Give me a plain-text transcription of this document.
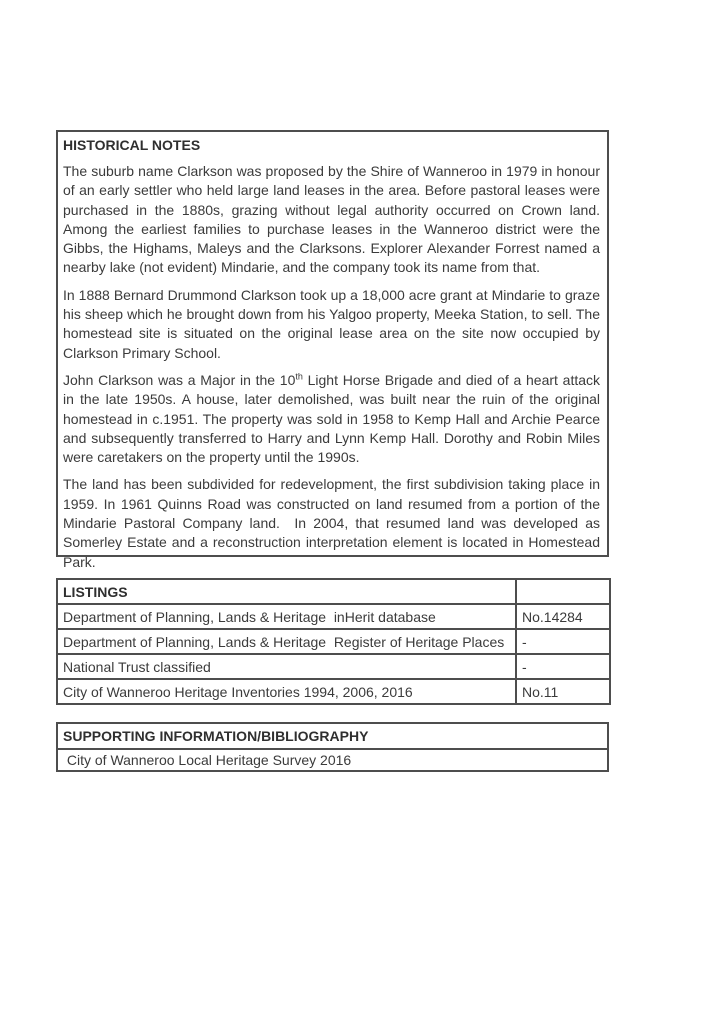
HISTORICAL NOTES

The suburb name Clarkson was proposed by the Shire of Wanneroo in 1979 in honour of an early settler who held large land leases in the area. Before pastoral leases were purchased in the 1880s, grazing without legal authority occurred on Crown land.  Among the earliest families to purchase leases in the Wanneroo district were the Gibbs, the Highams, Maleys and the Clarksons. Explorer Alexander Forrest named a nearby lake (not evident) Mindarie, and the company took its name from that.

In 1888 Bernard Drummond Clarkson took up a 18,000 acre grant at Mindarie to graze his sheep which he brought down from his Yalgoo property, Meeka Station, to sell. The homestead site is situated on the original lease area on the site now occupied by Clarkson Primary School.

John Clarkson was a Major in the 10th Light Horse Brigade and died of a heart attack in the late 1950s. A house, later demolished, was built near the ruin of the original homestead in c.1951. The property was sold in 1958 to Kemp Hall and Archie Pearce and subsequently transferred to Harry and Lynn Kemp Hall. Dorothy and Robin Miles were caretakers on the property until the 1990s.

The land has been subdivided for redevelopment, the first subdivision taking place in 1959. In 1961 Quinns Road was constructed on land resumed from a portion of the Mindarie Pastoral Company land.  In 2004, that resumed land was developed as Somerley Estate and a reconstruction interpretation element is located in Homestead Park.

LISTINGS	
Department of Planning, Lands & Heritage  inHerit database	No.14284
Department of Planning, Lands & Heritage  Register of Heritage Places	-
National Trust classified	-
City of Wanneroo Heritage Inventories 1994, 2006, 2016	No.11
SUPPORTING INFORMATION/BIBLIOGRAPHY
City of Wanneroo Local Heritage Survey 2016
